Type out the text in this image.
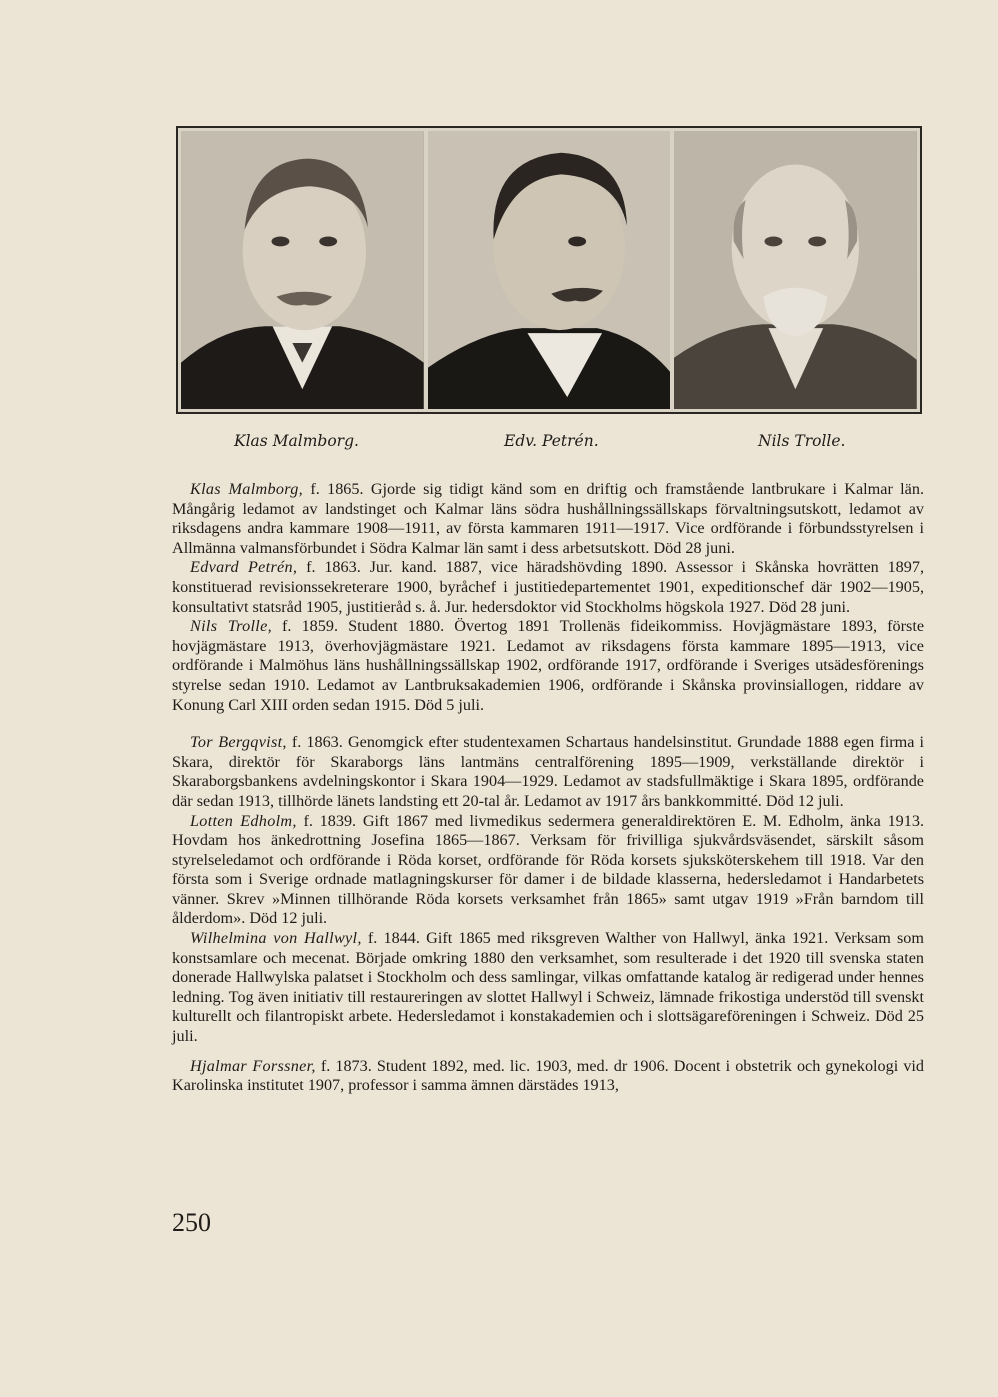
Klas Malmborg.	Edv. Petrén.	Nils Trolle.

Klas Malmborg, f. 1865. Gjorde sig tidigt känd som en driftig och framstående lantbrukare i Kalmar län. Mångårig ledamot av landstinget och Kalmar läns södra hushållningssällskaps förvaltningsutskott, ledamot av riksdagens andra kammare 1908—1911, av första kammaren 1911—1917. Vice ordförande i förbundsstyrelsen i Allmänna valmansförbundet i Södra Kalmar län samt i dess arbetsutskott. Död 28 juni.

Edvard Petrén, f. 1863. Jur. kand. 1887, vice häradshövding 1890. Assessor i Skånska hovrätten 1897, konstituerad revisionssekreterare 1900, byråchef i justitiedepartementet 1901, expeditionschef där 1902—1905, konsultativt statsråd 1905, justitieråd s. å. Jur. hedersdoktor vid Stockholms högskola 1927. Död 28 juni.

Nils Trolle, f. 1859. Student 1880. Övertog 1891 Trollenäs fideikommiss. Hovjägmästare 1893, förste hovjägmästare 1913, överhovjägmästare 1921. Ledamot av riksdagens första kammare 1895—1913, vice ordförande i Malmöhus läns hushållningssällskap 1902, ordförande 1917, ordförande i Sveriges utsädesförenings styrelse sedan 1910. Ledamot av Lantbruksakademien 1906, ordförande i Skånska provinsiallogen, riddare av Konung Carl XIII orden sedan 1915. Död 5 juli.

Tor Bergqvist, f. 1863. Genomgick efter studentexamen Schartaus handelsinstitut. Grundade 1888 egen firma i Skara, direktör för Skaraborgs läns lantmäns centralförening 1895—1909, verkställande direktör i Skaraborgsbankens avdelningskontor i Skara 1904—1929. Ledamot av stadsfullmäktige i Skara 1895, ordförande där sedan 1913, tillhörde länets landsting ett 20-tal år. Ledamot av 1917 års bankkommitté. Död 12 juli.

Lotten Edholm, f. 1839. Gift 1867 med livmedikus sedermera generaldirektören E. M. Edholm, änka 1913. Hovdam hos änkedrottning Josefina 1865—1867. Verksam för frivilliga sjukvårdsväsendet, särskilt såsom styrelseledamot och ordförande i Röda korset, ordförande för Röda korsets sjuksköterskehem till 1918. Var den första som i Sverige ordnade matlagningskurser för damer i de bildade klasserna, hedersledamot i Handarbetets vänner. Skrev »Minnen tillhörande Röda korsets verksamhet från 1865» samt utgav 1919 »Från barndom till ålderdom». Död 12 juli.

Wilhelmina von Hallwyl, f. 1844. Gift 1865 med riksgreven Walther von Hallwyl, änka 1921. Verksam som konstsamlare och mecenat. Började omkring 1880 den verksamhet, som resulterade i det 1920 till svenska staten donerade Hallwylska palatset i Stockholm och dess samlingar, vilkas omfattande katalog är redigerad under hennes ledning. Tog även initiativ till restaureringen av slottet Hallwyl i Schweiz, lämnade frikostiga understöd till svenskt kulturellt och filantropiskt arbete. Hedersledamot i konstakademien och i slottsägareföreningen i Schweiz. Död 25 juli.

Hjalmar Forssner, f. 1873. Student 1892, med. lic. 1903, med. dr 1906. Docent i obstetrik och gynekologi vid Karolinska institutet 1907, professor i samma ämnen därstädes 1913,

250
